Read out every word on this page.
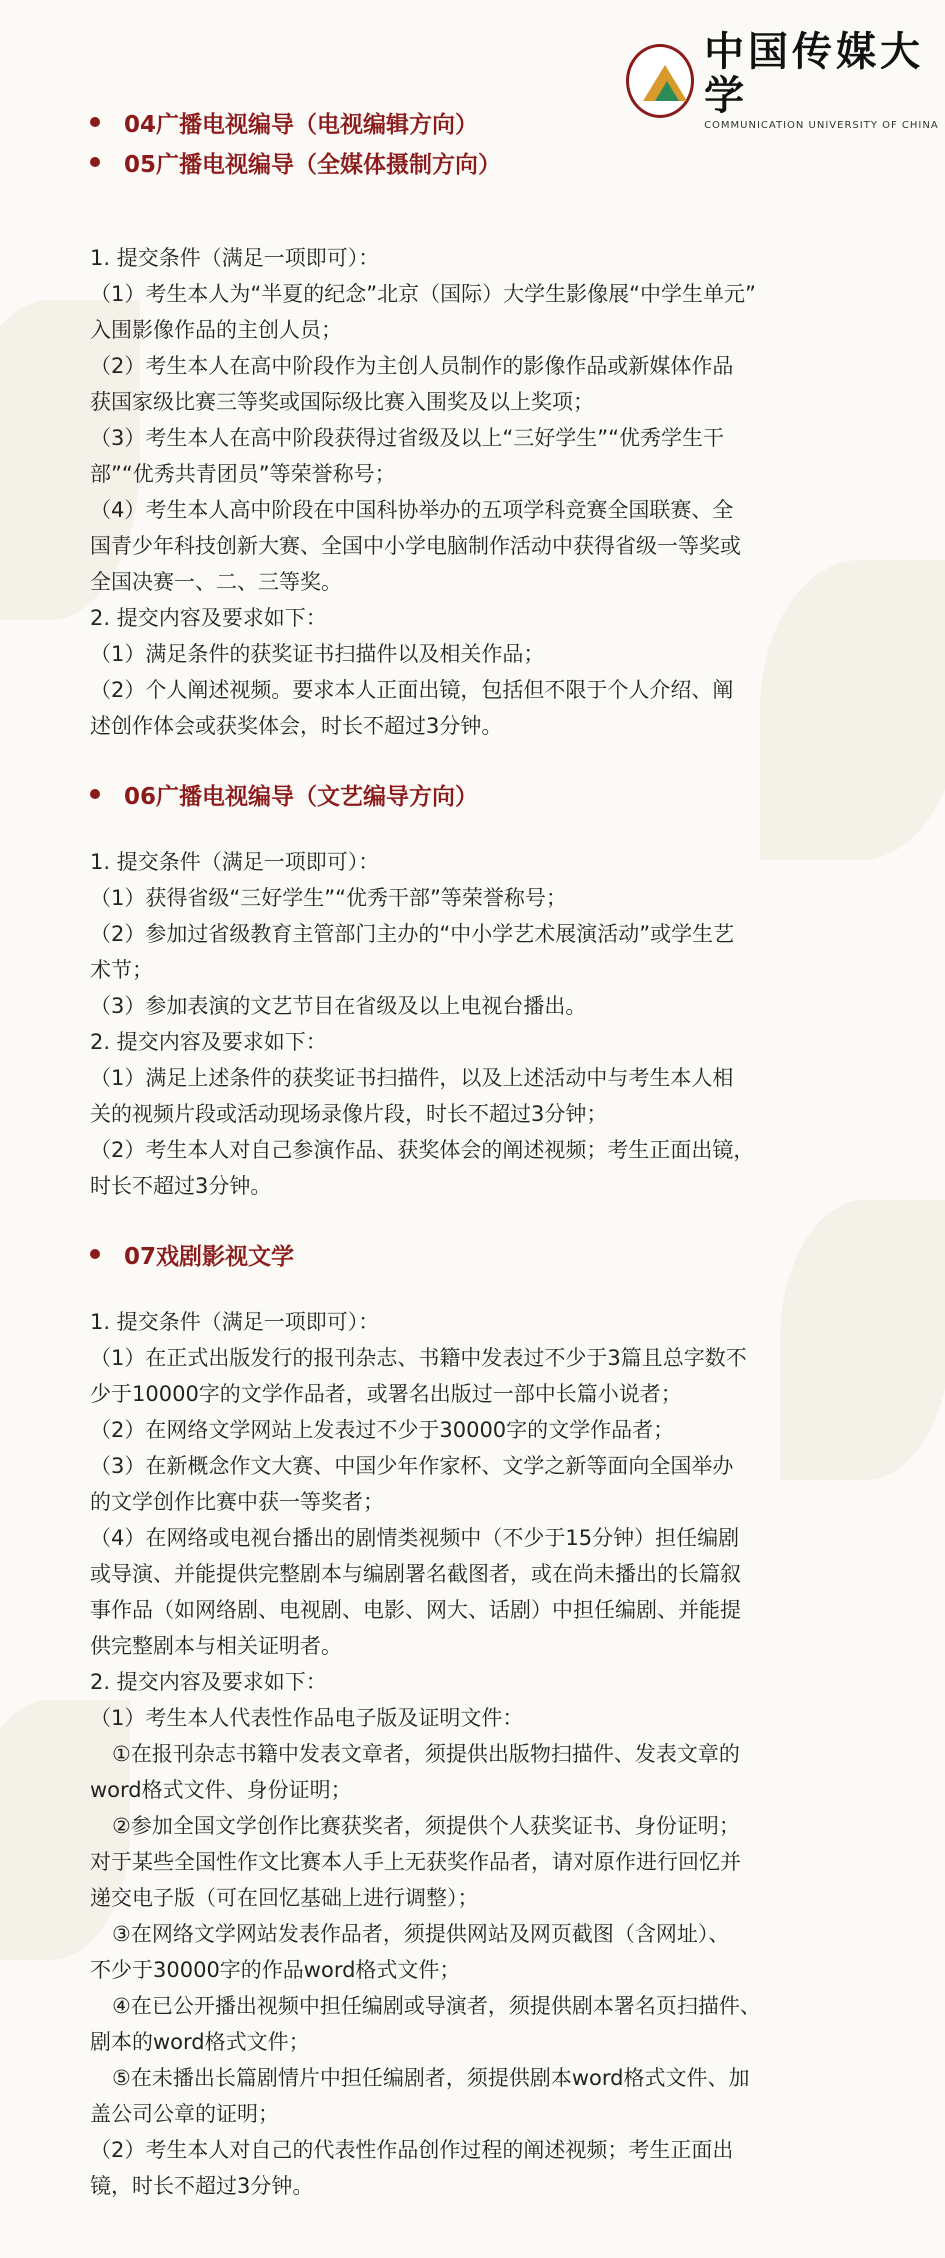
中国传媒大学
COMMUNICATION UNIVERSITY OF CHINA
04广播电视编导（电视编辑方向）
05广播电视编导（全媒体摄制方向）

1. 提交条件（满足一项即可）：

（1）考生本人为“半夏的纪念”北京（国际）大学生影像展“中学生单元”

入围影像作品的主创人员；

（2）考生本人在高中阶段作为主创人员制作的影像作品或新媒体作品

获国家级比赛三等奖或国际级比赛入围奖及以上奖项；

（3）考生本人在高中阶段获得过省级及以上“三好学生”“优秀学生干

部”“优秀共青团员”等荣誉称号；

（4）考生本人高中阶段在中国科协举办的五项学科竞赛全国联赛、全

国青少年科技创新大赛、全国中小学电脑制作活动中获得省级一等奖或

全国决赛一、二、三等奖。

2. 提交内容及要求如下：

（1）满足条件的获奖证书扫描件以及相关作品；

（2）个人阐述视频。要求本人正面出镜，包括但不限于个人介绍、阐

述创作体会或获奖体会，时长不超过3分钟。

06广播电视编导（文艺编导方向）

1. 提交条件（满足一项即可）：

（1）获得省级“三好学生”“优秀干部”等荣誉称号；

（2）参加过省级教育主管部门主办的“中小学艺术展演活动”或学生艺

术节；

（3）参加表演的文艺节目在省级及以上电视台播出。

2. 提交内容及要求如下：

（1）满足上述条件的获奖证书扫描件，以及上述活动中与考生本人相

关的视频片段或活动现场录像片段，时长不超过3分钟；

（2）考生本人对自己参演作品、获奖体会的阐述视频；考生正面出镜，

时长不超过3分钟。

07戏剧影视文学

1. 提交条件（满足一项即可）：

（1）在正式出版发行的报刊杂志、书籍中发表过不少于3篇且总字数不

少于10000字的文学作品者，或署名出版过一部中长篇小说者；

（2）在网络文学网站上发表过不少于30000字的文学作品者；

（3）在新概念作文大赛、中国少年作家杯、文学之新等面向全国举办

的文学创作比赛中获一等奖者；

（4）在网络或电视台播出的剧情类视频中（不少于15分钟）担任编剧

或导演、并能提供完整剧本与编剧署名截图者，或在尚未播出的长篇叙

事作品（如网络剧、电视剧、电影、网大、话剧）中担任编剧、并能提

供完整剧本与相关证明者。

2. 提交内容及要求如下：

（1）考生本人代表性作品电子版及证明文件：

①在报刊杂志书籍中发表文章者，须提供出版物扫描件、发表文章的

word格式文件、身份证明；

②参加全国文学创作比赛获奖者，须提供个人获奖证书、身份证明；

对于某些全国性作文比赛本人手上无获奖作品者，请对原作进行回忆并

递交电子版（可在回忆基础上进行调整）；

③在网络文学网站发表作品者，须提供网站及网页截图（含网址）、

不少于30000字的作品word格式文件；

④在已公开播出视频中担任编剧或导演者，须提供剧本署名页扫描件、

剧本的word格式文件；

⑤在未播出长篇剧情片中担任编剧者，须提供剧本word格式文件、加

盖公司公章的证明；

（2）考生本人对自己的代表性作品创作过程的阐述视频；考生正面出

镜，时长不超过3分钟。
